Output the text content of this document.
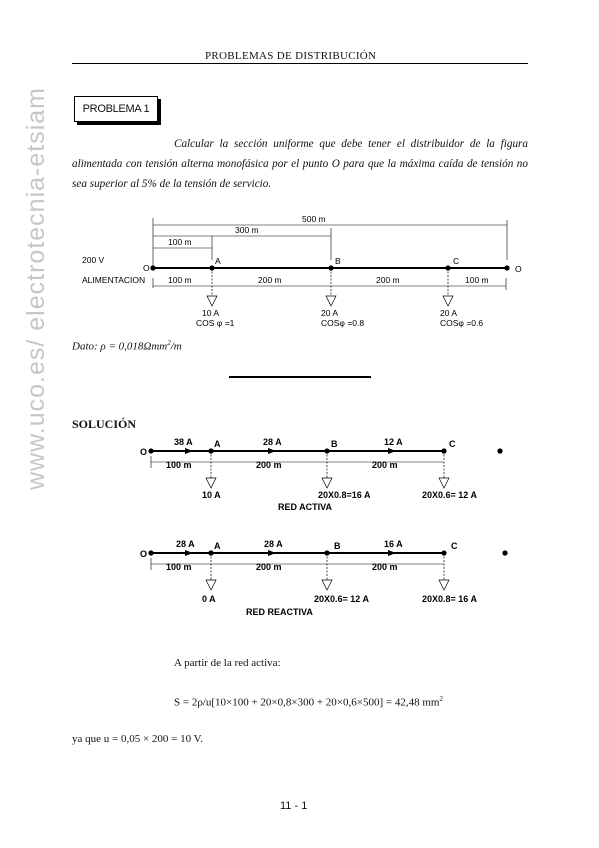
www.uco.es/ electrotecnia-etsiam
PROBLEMAS DE DISTRIBUCIÓN
PROBLEMA 1

Calcular la sección uniforme que debe tener el distribuidor de la figura alimentada con tensión alterna monofásica por el punto O para que la máxima caída de tensión no sea superior al 5% de la tensión de servicio.

500 m
300 m
100 m
200 V
O
A	B	C
O
ALIMENTACION	100 m	200 m	200 m	100 m
10 A
COS φ =1
20 A
COSφ =0.8
20 A
COSφ =0.6
Dato: ρ = 0,018Ωmm$^2$/m
SOLUCIÓN
O
A	B	C
38 A	28 A	12 A
100 m	200 m	200 m
10 A	20X0.8=16 A	20X0.6= 12 A
RED ACTIVA
O
A	B	C
28 A	28 A	16 A
100 m	200 m	200 m
0 A	20X0.6= 12 A	20X0.8= 16 A
RED REACTIVA
A partir de la red activa:
S = 2ρ/u[10×100 + 20×0,8×300 + 20×0,6×500] = 42,48 $mm^2$
ya que u = 0,05 × 200 = 10 V.
11 - 1
